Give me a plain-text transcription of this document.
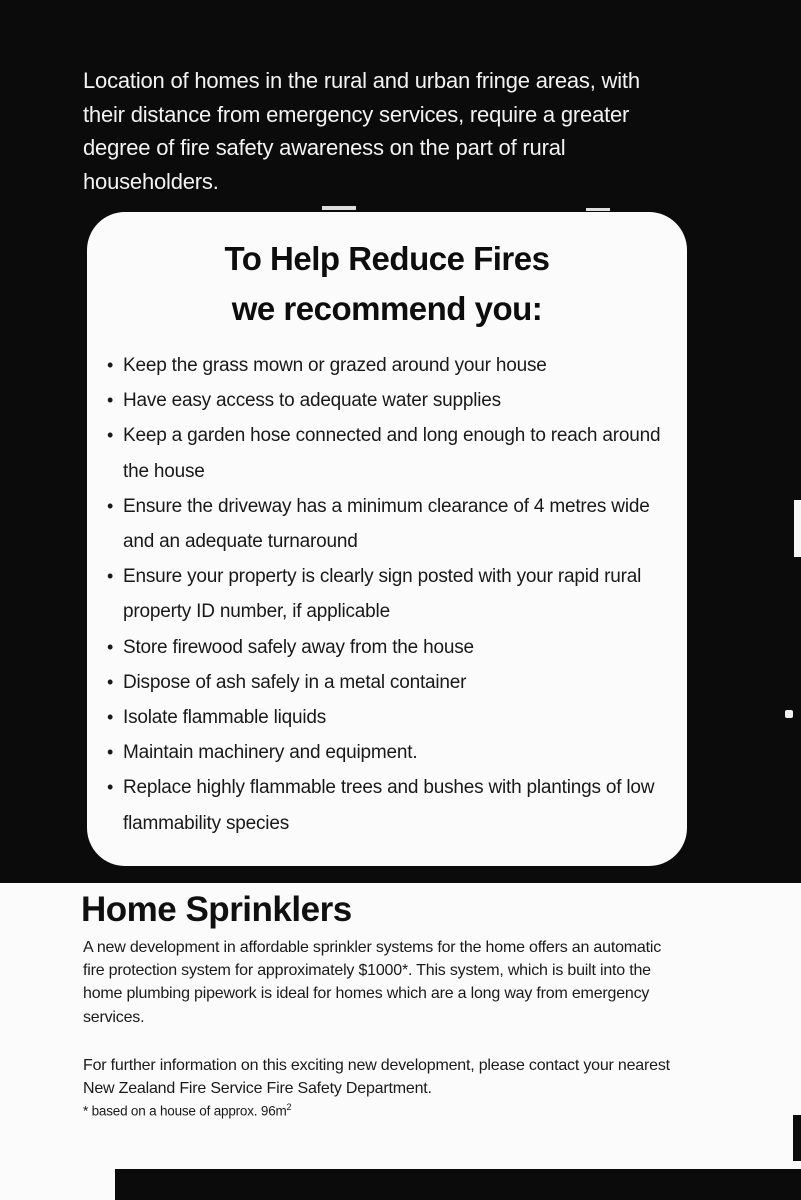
Location of homes in the rural and urban fringe areas, with their distance from emergency services, require a greater degree of fire safety awareness on the part of rural householders.

To Help Reduce Fires
we recommend you:
• Keep the grass mown or grazed around your house
• Have easy access to adequate water supplies
• Keep a garden hose connected and long enough to reach around the house
• Ensure the driveway has a minimum clearance of 4 metres wide and an adequate turnaround
• Ensure your property is clearly sign posted with your rapid rural property ID number, if applicable
• Store firewood safely away from the house
• Dispose of ash safely in a metal container
• Isolate flammable liquids
• Maintain machinery and equipment.
• Replace highly flammable trees and bushes with plantings of low flammability species
Home Sprinklers

A new development in affordable sprinkler systems for the home offers an automatic fire protection system for approximately $1000*. This system, which is built into the home plumbing pipework is ideal for homes which are a long way from emergency services.

For further information on this exciting new development, please contact your nearest New Zealand Fire Service Fire Safety Department.

* based on a house of approx. $96m^2$
